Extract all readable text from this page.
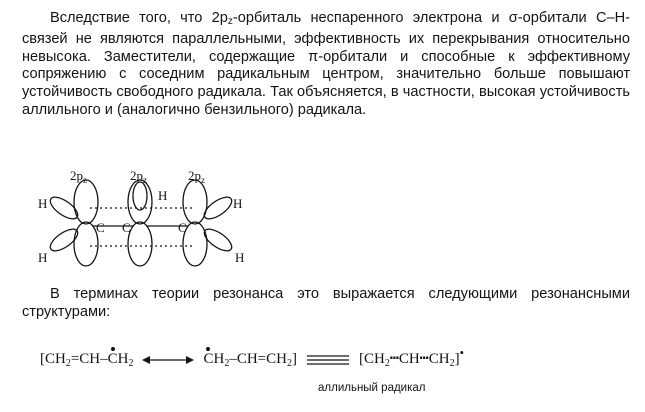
Вследствие того, что $2p_z$-орбиталь неспаренного электрона и σ-орбитали C–H-связей не являются параллельными, эффективность их перекрывания относительно невысока. Заместители, содержащие π-орбитали и способные к эффективному сопряжению с соседним радикальным центром, значительно больше повышают устойчивость свободного радикала. Так объясняется, в частности, высокая устойчивость аллильного и (аналогично бензильного) радикала.

$2p_z$	$2p_z$	$2p_z$
C C	C
H
H
H
H
H

В терминах теории резонанса это выражается следующими резонансными структурами:

[$CH_2=CH-CH_2$	$CH_2-CH=CH_2$]	$[CH_2┅CH┅CH_2]^•$
аллильный радикал
